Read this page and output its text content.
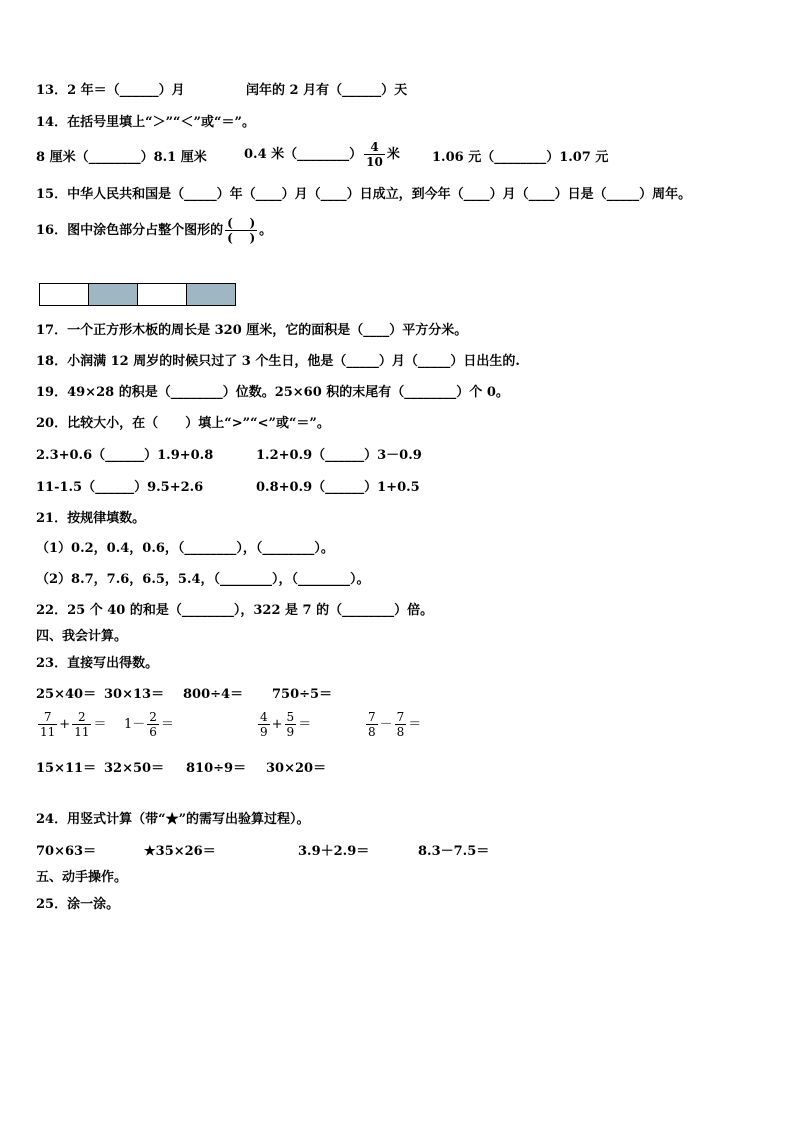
13．2 年＝（______）月	闰年的 2 月有（______）天
14．在括号里填上“＞”“＜”或“＝”。
8 厘米（________）8.1 厘米	0.4 米（________） $\frac{4}{10}$ 米 1.06 元（________）1.07 元
15．中华人民共和国是（_____）年（____）月（____）日成立，到今年（____）月（____）日是（_____）周年。
16．图中涂色部分占整个图形的 $\frac{( )}{( )}$ 。
17．一个正方形木板的周长是 320 厘米，它的面积是（____）平方分米。
18．小润满 12 周岁的时候只过了 3 个生日，他是（_____）月（_____）日出生的.
19．49×28 的积是（________）位数。25×60 积的末尾有（________）个 0。
20．比较大小，在（      ）填上“>”“<”或“＝”。
2.3+0.6（______）1.9+0.8	1.2+0.9（______）3－0.9
11-1.5（______）9.5+2.6	0.8+0.9（______）1+0.5
21．按规律填数。
（1）0.2，0.4，0.6，（________），（________）。
（2）8.7，7.6，6.5，5.4，（________），（________）。
22．25 个 40 的和是（________），322 是 7 的（________）倍。
四、我会计算。
23．直接写出得数。
25×40＝ 30×13＝ 800÷4＝ 750÷5＝
$\frac{7}{11} + \frac{2}{11} = 1- \frac{2}{6}$ ＝	$\frac{4}{9} + \frac{5}{9}$ ＝	$\frac{7}{8} - \frac{7}{8}$ ＝
15×11＝ 32×50＝ 810÷9＝ 30×20＝
24．用竖式计算（带“★”的需写出验算过程）。
70×63＝	★35×26＝	3.9＋2.9＝	8.3－7.5＝
五、动手操作。
25．涂一涂。
